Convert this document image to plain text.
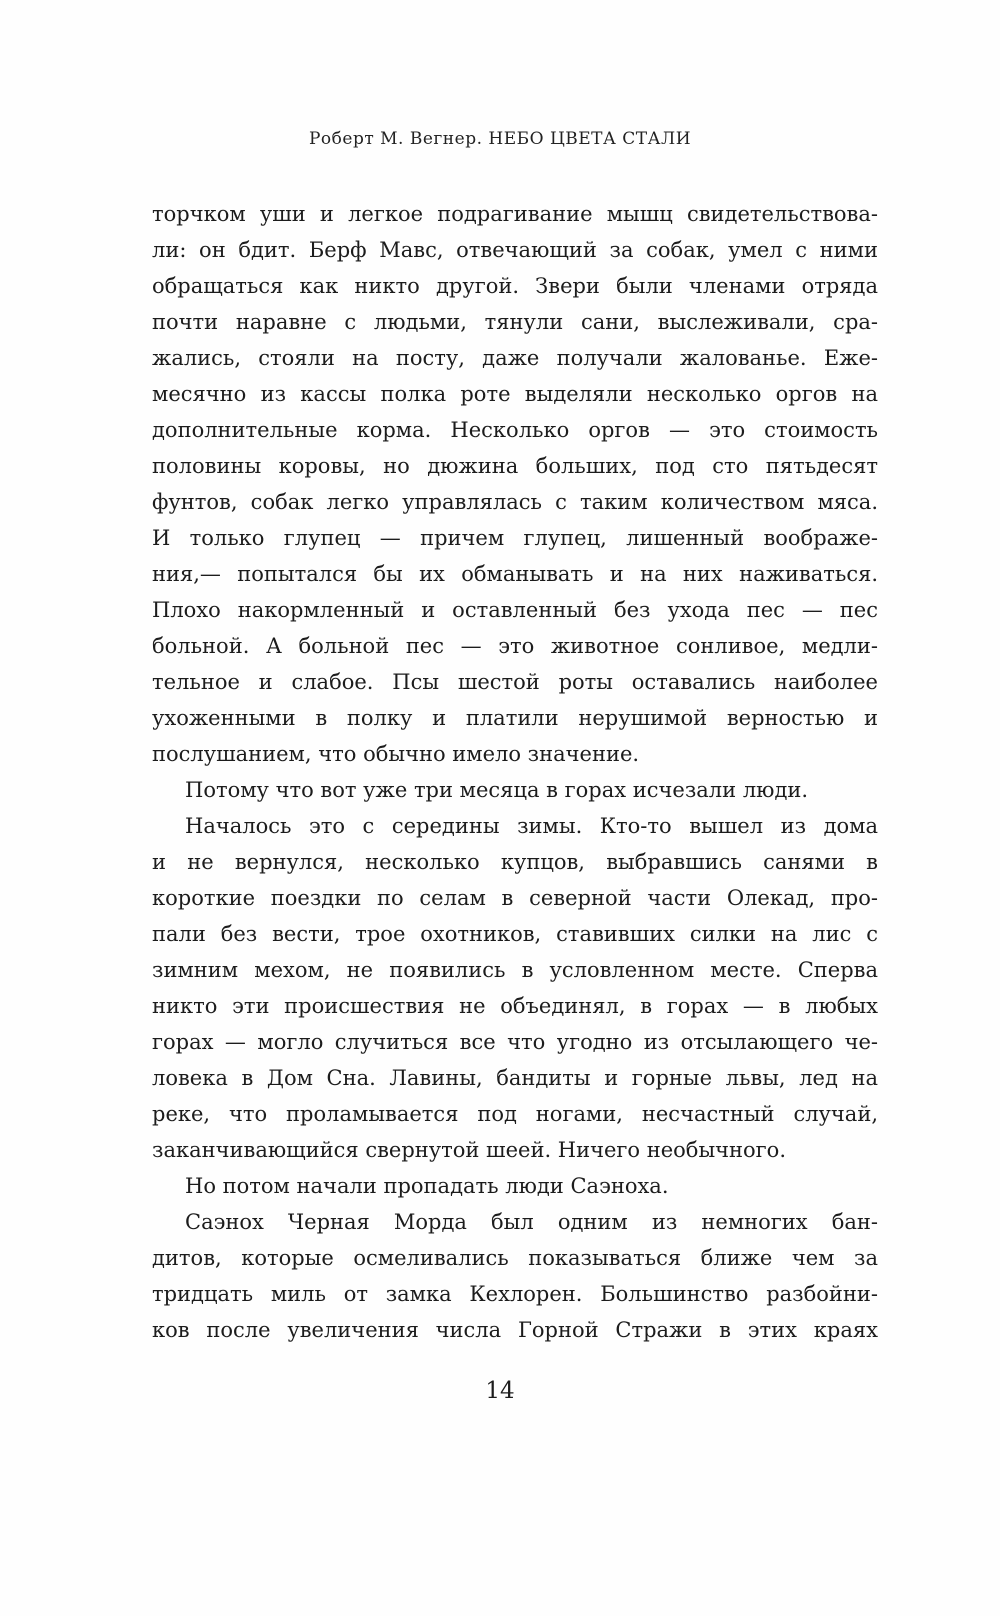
Роберт М. Вегнер. НЕБО ЦВЕТА СТАЛИ
торчком уши и легкое подрагивание мышц свидетельствова-
ли: он бдит. Берф Мавс, отвечающий за собак, умел с ними
обращаться как никто другой. Звери были членами отряда
почти наравне с людьми, тянули сани, выслеживали, сра-
жались, стояли на посту, даже получали жалованье. Еже-
месячно из кассы полка роте выделяли несколько оргов на
дополнительные корма. Несколько оргов — это стоимость
половины коровы, но дюжина больших, под сто пятьдесят
фунтов, собак легко управлялась с таким количеством мяса.
И только глупец — причем глупец, лишенный воображе-
ния,— попытался бы их обманывать и на них наживаться.
Плохо накормленный и оставленный без ухода пес — пес
больной. А больной пес — это животное сонливое, медли-
тельное и слабое. Псы шестой роты оставались наиболее
ухоженными в полку и платили нерушимой верностью и
послушанием, что обычно имело значение.
Потому что вот уже три месяца в горах исчезали люди.
Началось это с середины зимы. Кто-то вышел из дома
и не вернулся, несколько купцов, выбравшись санями в
короткие поездки по селам в северной части Олекад, про-
пали без вести, трое охотников, ставивших силки на лис с
зимним мехом, не появились в условленном месте. Сперва
никто эти происшествия не объединял, в горах — в любых
горах — могло случиться все что угодно из отсылающего че-
ловека в Дом Сна. Лавины, бандиты и горные львы, лед на
реке, что проламывается под ногами, несчастный случай,
заканчивающийся свернутой шеей. Ничего необычного.
Но потом начали пропадать люди Саэноха.
Саэнох Черная Морда был одним из немногих бан-
дитов, которые осмеливались показываться ближе чем за
тридцать миль от замка Кехлорен. Большинство разбойни-
ков после увеличения числа Горной Стражи в этих краях
14
